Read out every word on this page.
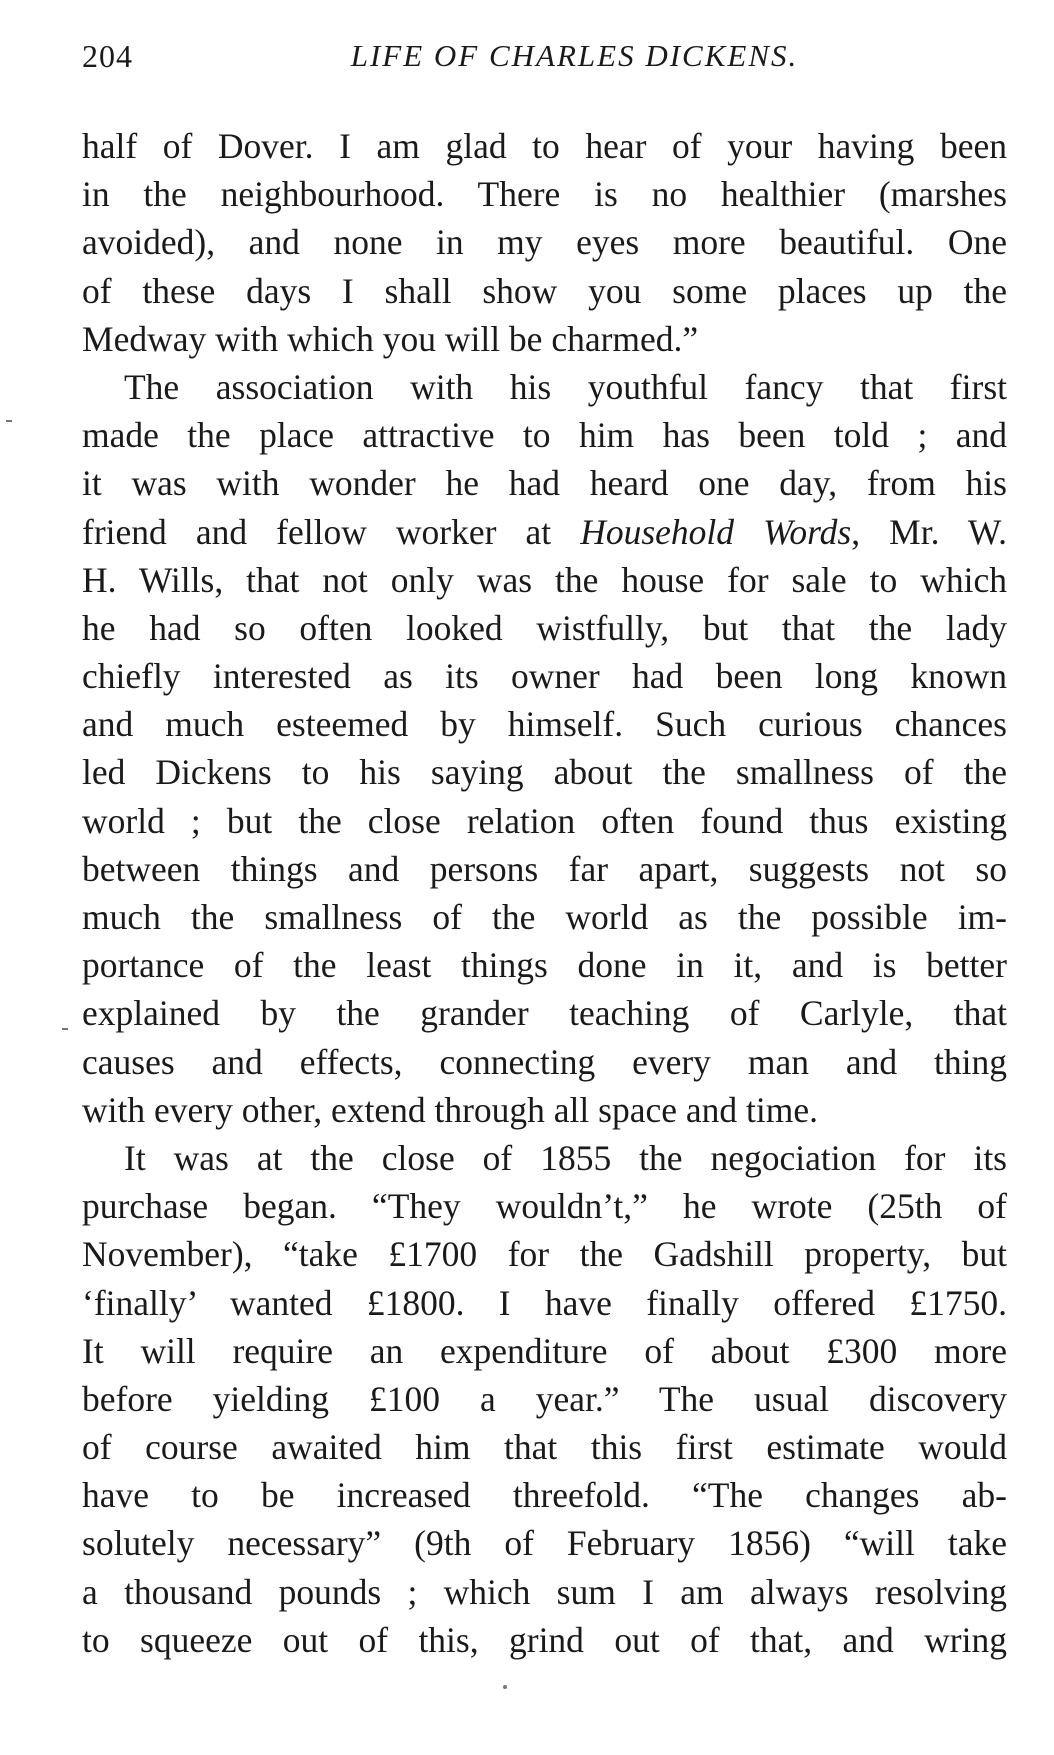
204	LIFE OF CHARLES DICKENS.
half of Dover. I am glad to hear of your having been
in the neighbourhood. There is no healthier (marshes
avoided), and none in my eyes more beautiful. One
of these days I shall show you some places up the
Medway with which you will be charmed.”
The association with his youthful fancy that first
made the place attractive to him has been told ; and
it was with wonder he had heard one day, from his
friend and fellow worker at Household Words, Mr. W.
H. Wills, that not only was the house for sale to which
he had so often looked wistfully, but that the lady
chiefly interested as its owner had been long known
and much esteemed by himself. Such curious chances
led Dickens to his saying about the smallness of the
world ; but the close relation often found thus existing
between things and persons far apart, suggests not so
much the smallness of the world as the possible im-
portance of the least things done in it, and is better
explained by the grander teaching of Carlyle, that
causes and effects, connecting every man and thing
with every other, extend through all space and time.
It was at the close of 1855 the negociation for its
purchase began. “They wouldn’t,” he wrote (25th of
November), “take £1700 for the Gadshill property, but
‘finally’ wanted £1800. I have finally offered £1750.
It will require an expenditure of about £300 more
before yielding £100 a year.” The usual discovery
of course awaited him that this first estimate would
have to be increased threefold. “The changes ab-
solutely necessary” (9th of February 1856) “will take
a thousand pounds ; which sum I am always resolving
to squeeze out of this, grind out of that, and wring
